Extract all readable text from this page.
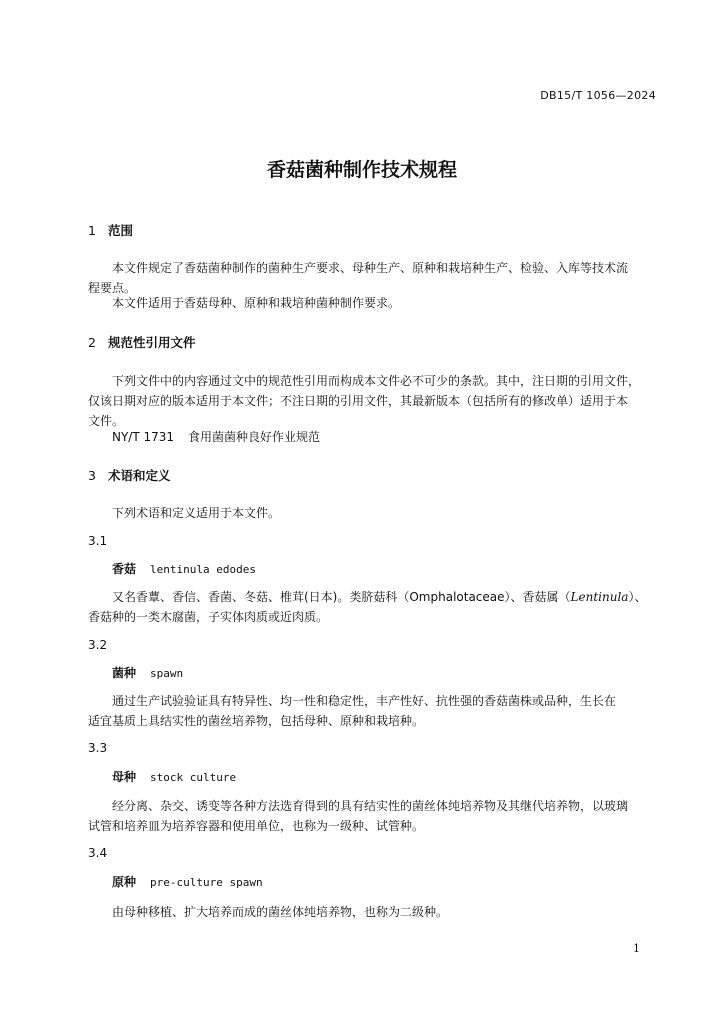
DB15/T 1056—2024
香菇菌种制作技术规程
1 范围
本文件规定了香菇菌种制作的菌种生产要求、母种生产、原种和栽培种生产、检验、入库等技术流
程要点。
本文件适用于香菇母种、原种和栽培种菌种制作要求。
2 规范性引用文件
下列文件中的内容通过文中的规范性引用而构成本文件必不可少的条款。其中，注日期的引用文件，
仅该日期对应的版本适用于本文件；不注日期的引用文件，其最新版本（包括所有的修改单）适用于本
文件。
NY/T 1731 食用菌菌种良好作业规范
3 术语和定义
下列术语和定义适用于本文件。
3.1
香菇 lentinula edodes
又名香蕈、香信、香菌、冬菇、椎茸(日本)。类脐菇科（Omphalotaceae）、香菇属（Lentinula）、
香菇种的一类木腐菌，子实体肉质或近肉质。
3.2
菌种 spawn
通过生产试验验证具有特异性、均一性和稳定性，丰产性好、抗性强的香菇菌株或品种，生长在
适宜基质上具结实性的菌丝培养物，包括母种、原种和栽培种。
3.3
母种 stock culture
经分离、杂交、诱变等各种方法选育得到的具有结实性的菌丝体纯培养物及其继代培养物，以玻璃
试管和培养皿为培养容器和使用单位，也称为一级种、试管种。
3.4
原种 pre-culture spawn
由母种移植、扩大培养而成的菌丝体纯培养物，也称为二级种。
1
